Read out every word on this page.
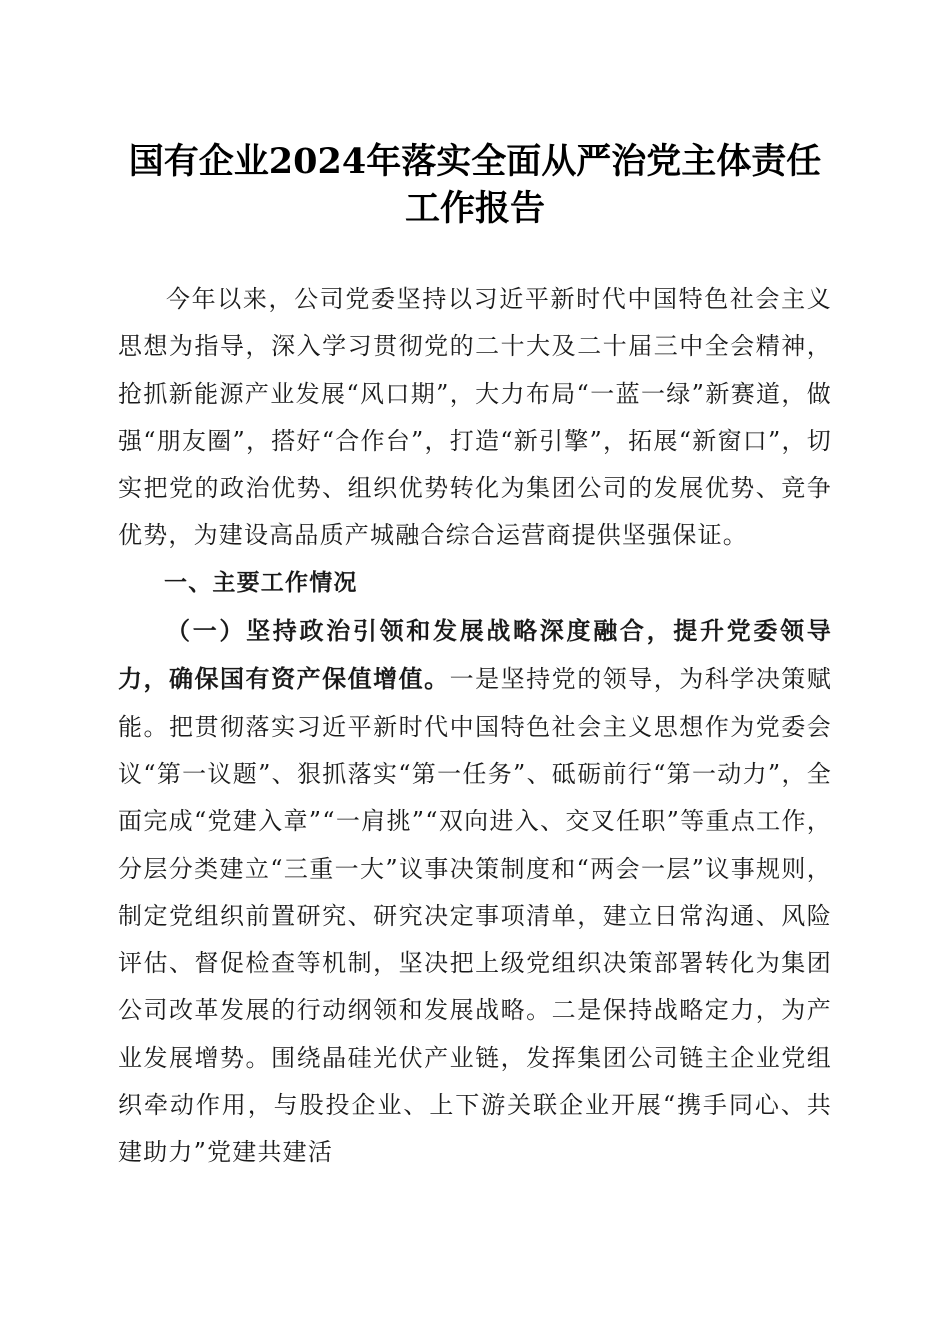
国有企业2024年落实全面从严治党主体责任
工作报告

今年以来，公司党委坚持以习近平新时代中国特色社会主义思想为指导，深入学习贯彻党的二十大及二十届三中全会精神，抢抓新能源产业发展“风口期”，大力布局“一蓝一绿”新赛道，做强“朋友圈”，搭好“合作台”，打造“新引擎”，拓展“新窗口”，切实把党的政治优势、组织优势转化为集团公司的发展优势、竞争优势，为建设高品质产城融合综合运营商提供坚强保证。

一、主要工作情况

（一）坚持政治引领和发展战略深度融合，提升党委领导力，确保国有资产保值增值。一是坚持党的领导，为科学决策赋能。把贯彻落实习近平新时代中国特色社会主义思想作为党委会议“第一议题”、狠抓落实“第一任务”、砥砺前行“第一动力”，全面完成“党建入章”“一肩挑”“双向进入、交叉任职”等重点工作，分层分类建立“三重一大”议事决策制度和“两会一层”议事规则，制定党组织前置研究、研究决定事项清单，建立日常沟通、风险评估、督促检查等机制，坚决把上级党组织决策部署转化为集团公司改革发展的行动纲领和发展战略。二是保持战略定力，为产业发展增势。围绕晶硅光伏产业链，发挥集团公司链主企业党组织牵动作用，与股投企业、上下游关联企业开展“携手同心、共建助力”党建共建活
